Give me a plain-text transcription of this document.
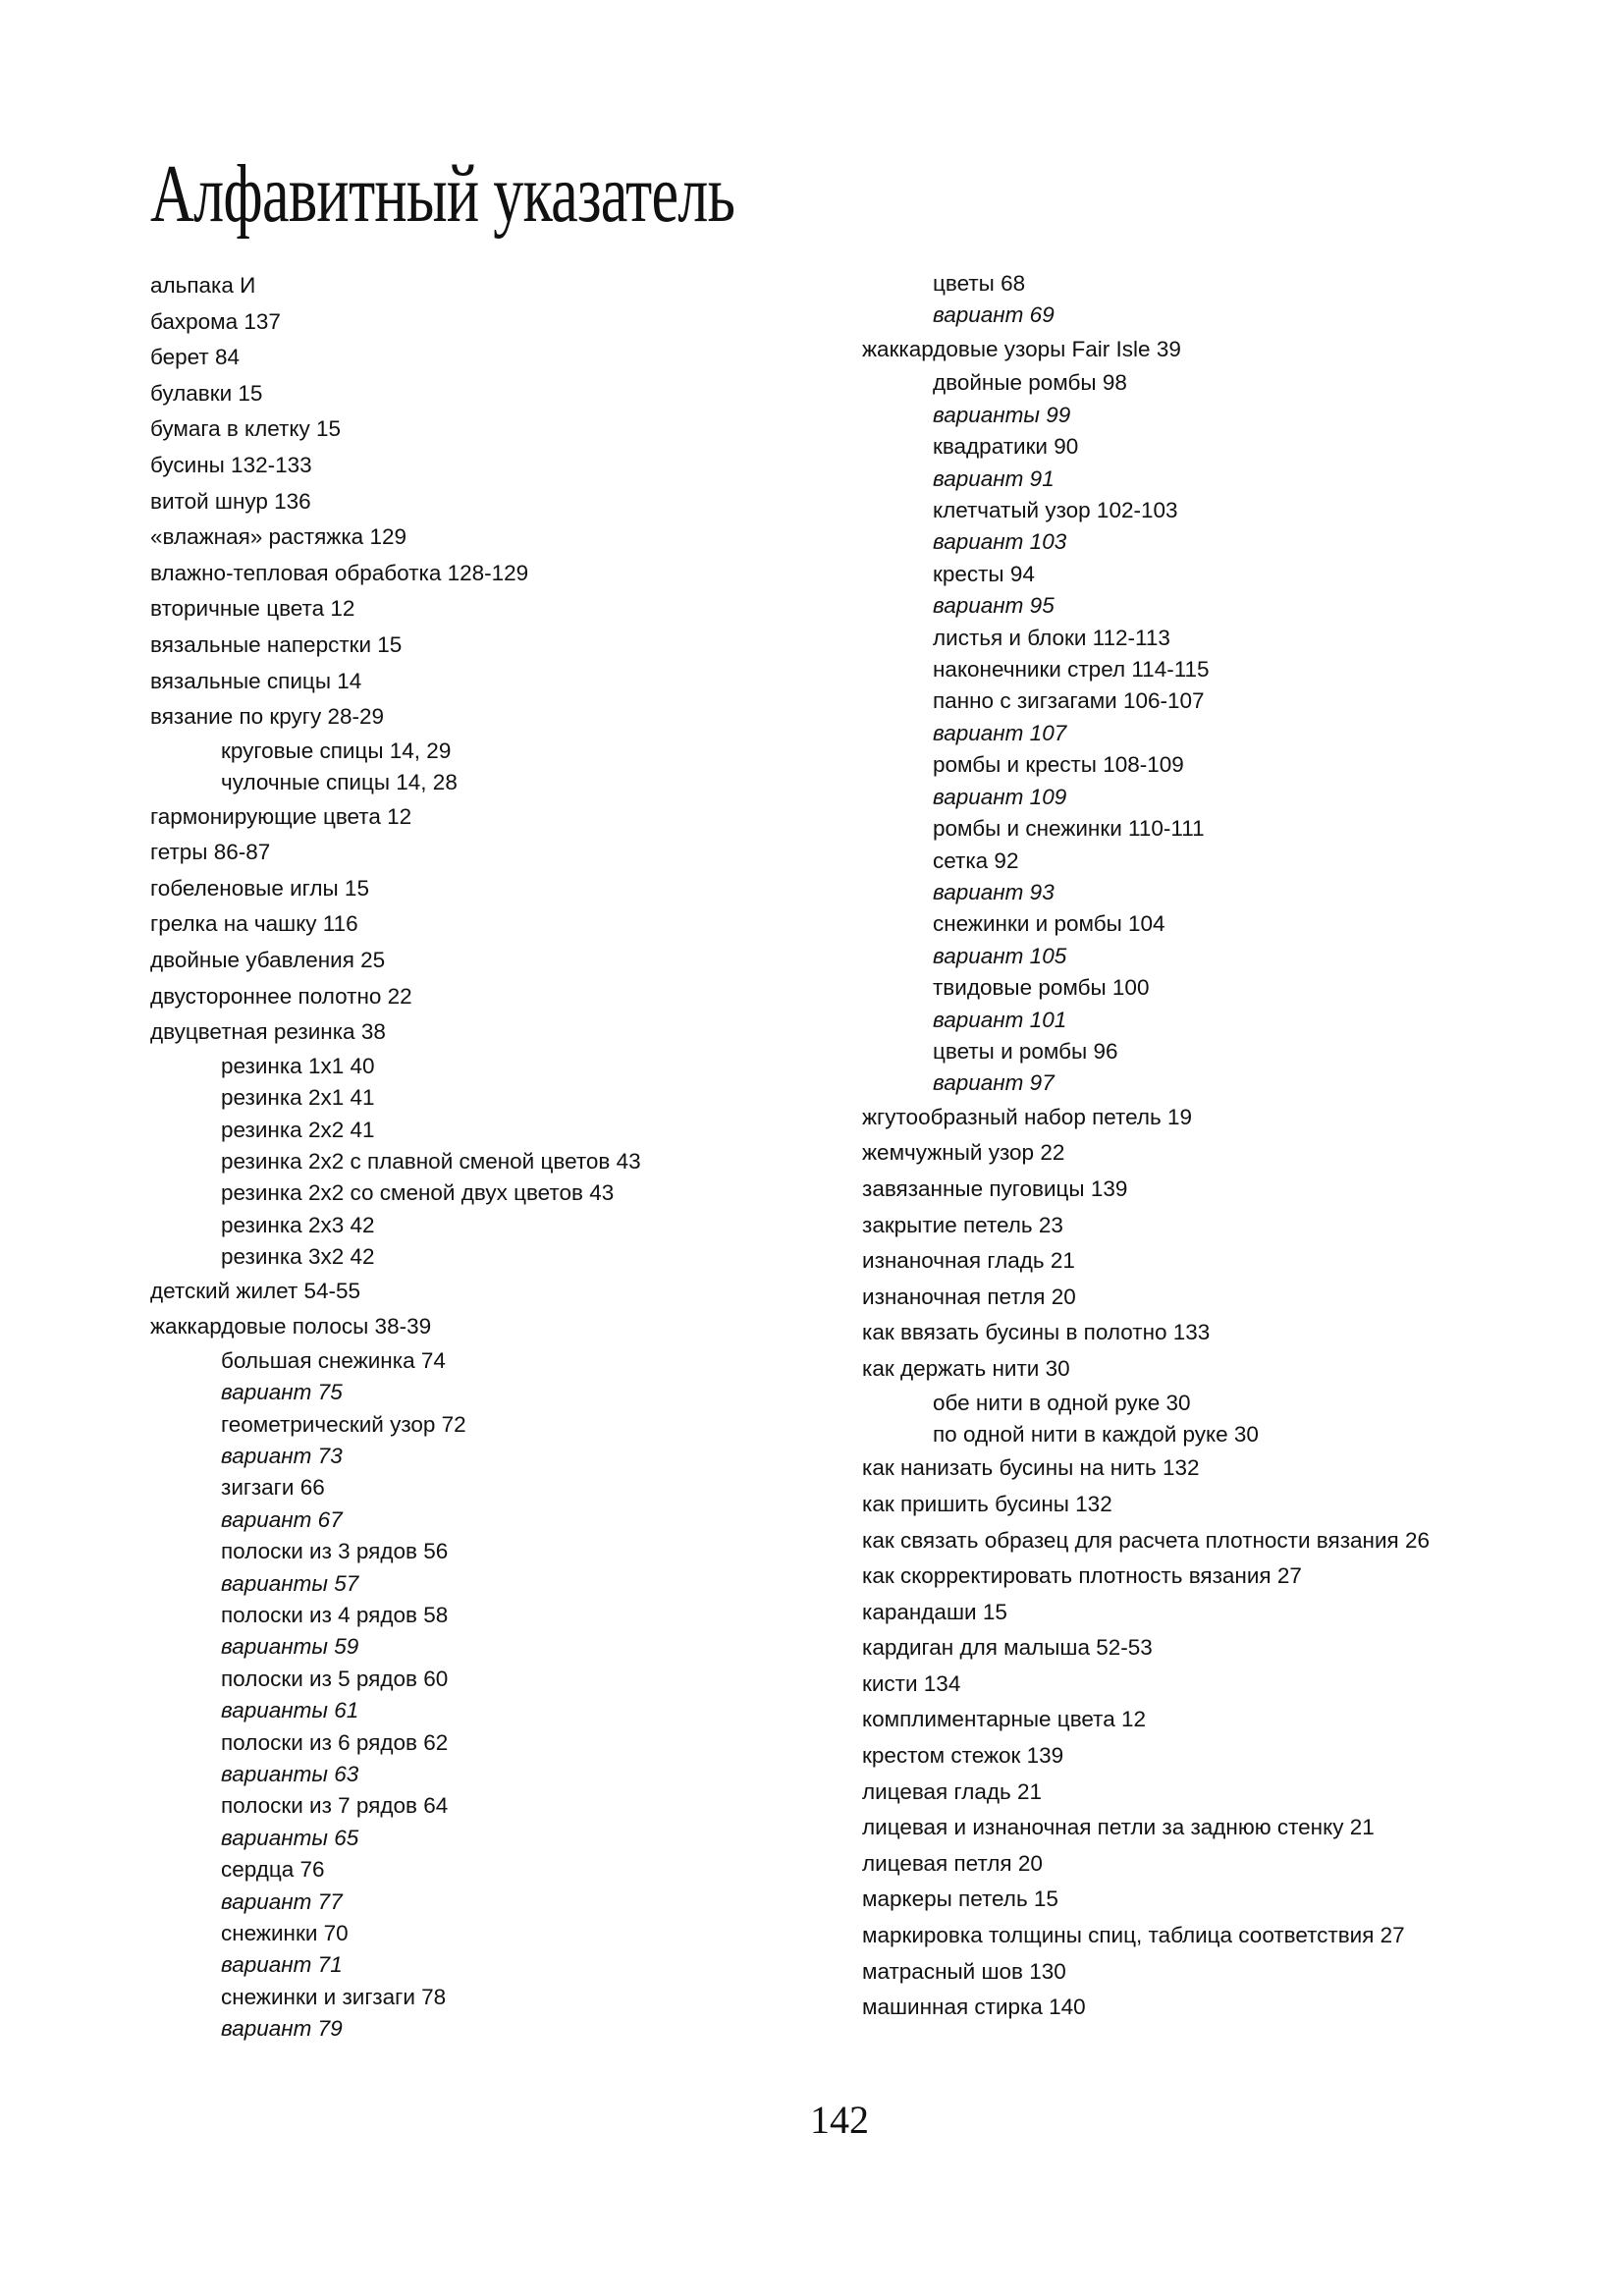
Алфавитный указатель
альпака И
бахрома 137
берет 84
булавки 15
бумага в клетку 15
бусины 132-133
витой шнур 136
«влажная» растяжка 129
влажно-тепловая обработка 128-129
вторичные цвета 12
вязальные наперстки 15
вязальные спицы 14
вязание по кругу 28-29
круговые спицы 14, 29
чулочные спицы 14, 28
гармонирующие цвета 12
гетры 86-87
гобеленовые иглы 15
грелка на чашку 116
двойные убавления 25
двустороннее полотно 22
двуцветная резинка 38
резинка 1x1 40
резинка 2x1 41
резинка 2x2 41
резинка 2x2 с плавной сменой цветов 43
резинка 2x2 со сменой двух цветов 43
резинка 2x3 42
резинка 3x2 42
детский жилет 54-55
жаккардовые полосы 38-39
большая снежинка 74
вариант 75
геометрический узор 72
вариант 73
зигзаги 66
вариант 67
полоски из 3 рядов 56
варианты 57
полоски из 4 рядов 58
варианты 59
полоски из 5 рядов 60
варианты 61
полоски из 6 рядов 62
варианты 63
полоски из 7 рядов 64
варианты 65
сердца 76
вариант 77
снежинки 70
вариант 71
снежинки и зигзаги 78
вариант 79
цветы 68
вариант 69
жаккардовые узоры Fair Isle 39
двойные ромбы 98
варианты 99
квадратики 90
вариант 91
клетчатый узор 102-103
вариант 103
кресты 94
вариант 95
листья и блоки 112-113
наконечники стрел 114-115
панно с зигзагами 106-107
вариант 107
ромбы и кресты 108-109
вариант 109
ромбы и снежинки 110-111
сетка 92
вариант 93
снежинки и ромбы 104
вариант 105
твидовые ромбы 100
вариант 101
цветы и ромбы 96
вариант 97
жгутообразный набор петель 19
жемчужный узор 22
завязанные пуговицы 139
закрытие петель 23
изнаночная гладь 21
изнаночная петля 20
как ввязать бусины в полотно 133
как держать нити 30
обе нити в одной руке 30
по одной нити в каждой руке 30
как нанизать бусины на нить 132
как пришить бусины 132
как связать образец для расчета плотности вязания 26
как скорректировать плотность вязания 27
карандаши 15
кардиган для малыша 52-53
кисти 134
комплиментарные цвета 12
крестом стежок 139
лицевая гладь 21
лицевая и изнаночная петли за заднюю стенку 21
лицевая петля 20
маркеры петель 15
маркировка толщины спиц, таблица соответствия 27
матрасный шов 130
машинная стирка 140
142
